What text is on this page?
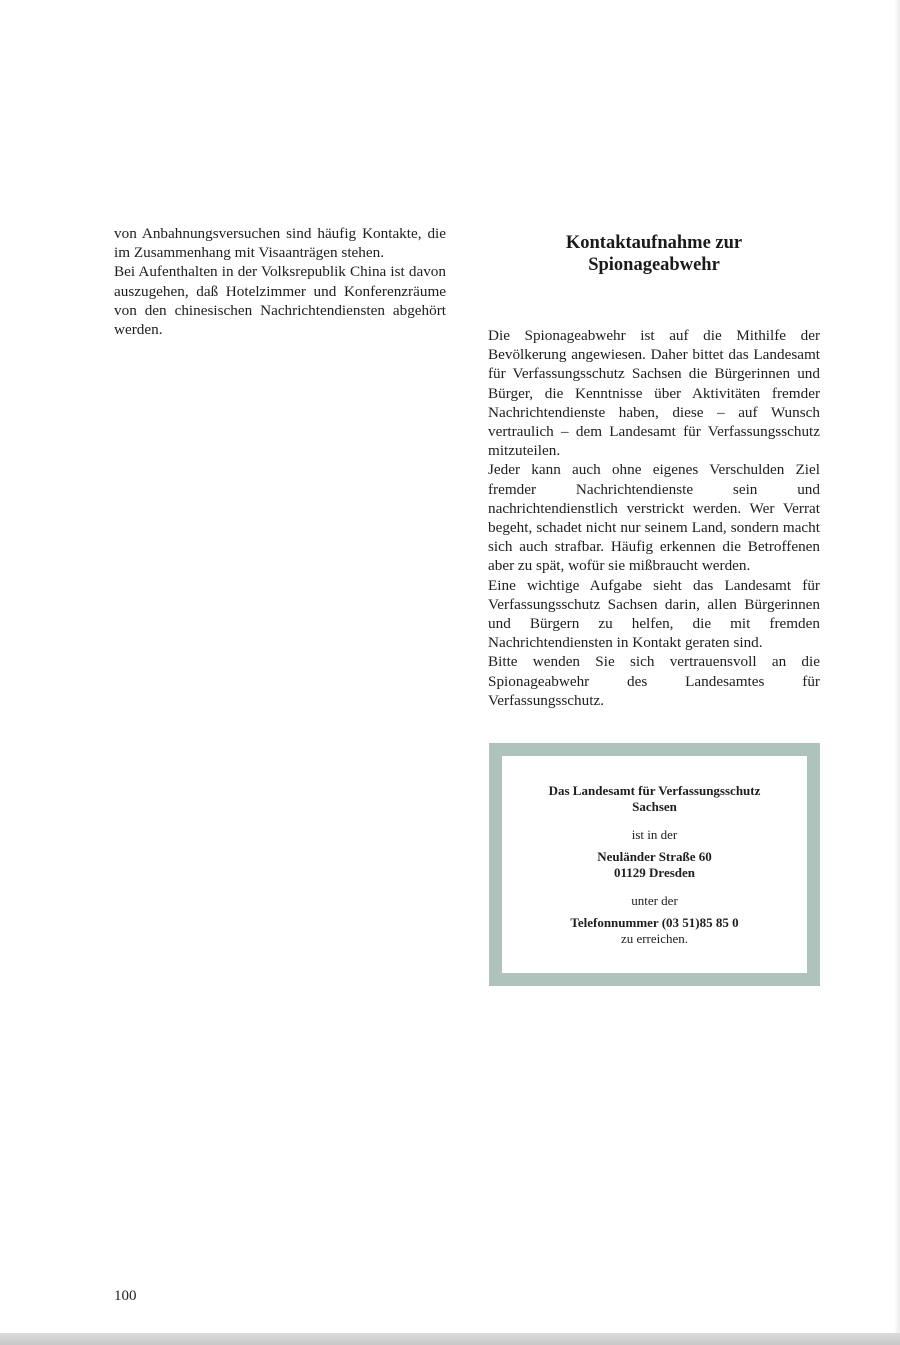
von Anbahnungsversuchen sind häufig Kontakte, die im Zusammenhang mit Visaanträgen stehen.

Bei Aufenthalten in der Volksrepublik China ist davon auszugehen, daß Hotelzimmer und Konferenzräume von den chinesischen Nachrichtendiensten abgehört werden.

Kontaktaufnahme zur
Spionageabwehr

Die Spionageabwehr ist auf die Mithilfe der Bevölkerung angewiesen. Daher bittet das Landesamt für Verfassungsschutz Sachsen die Bürgerinnen und Bürger, die Kenntnisse über Aktivitäten fremder Nachrichtendienste haben, diese – auf Wunsch vertraulich – dem Landesamt für Verfassungsschutz mitzuteilen.

Jeder kann auch ohne eigenes Verschulden Ziel fremder Nachrichtendienste sein und nachrichtendienstlich verstrickt werden. Wer Verrat begeht, schadet nicht nur seinem Land, sondern macht sich auch strafbar. Häufig erkennen die Betroffenen aber zu spät, wofür sie mißbraucht werden.

Eine wichtige Aufgabe sieht das Landesamt für Verfassungsschutz Sachsen darin, allen Bürgerinnen und Bürgern zu helfen, die mit fremden Nachrichtendiensten in Kontakt geraten sind.

Bitte wenden Sie sich vertrauensvoll an die Spionageabwehr des Landesamtes für Verfassungsschutz.

Das Landesamt für Verfassungsschutz
Sachsen
ist in der
Neuländer Straße 60
01129 Dresden
unter der
Telefonnummer (03 51)85 85 0
zu erreichen.
100
